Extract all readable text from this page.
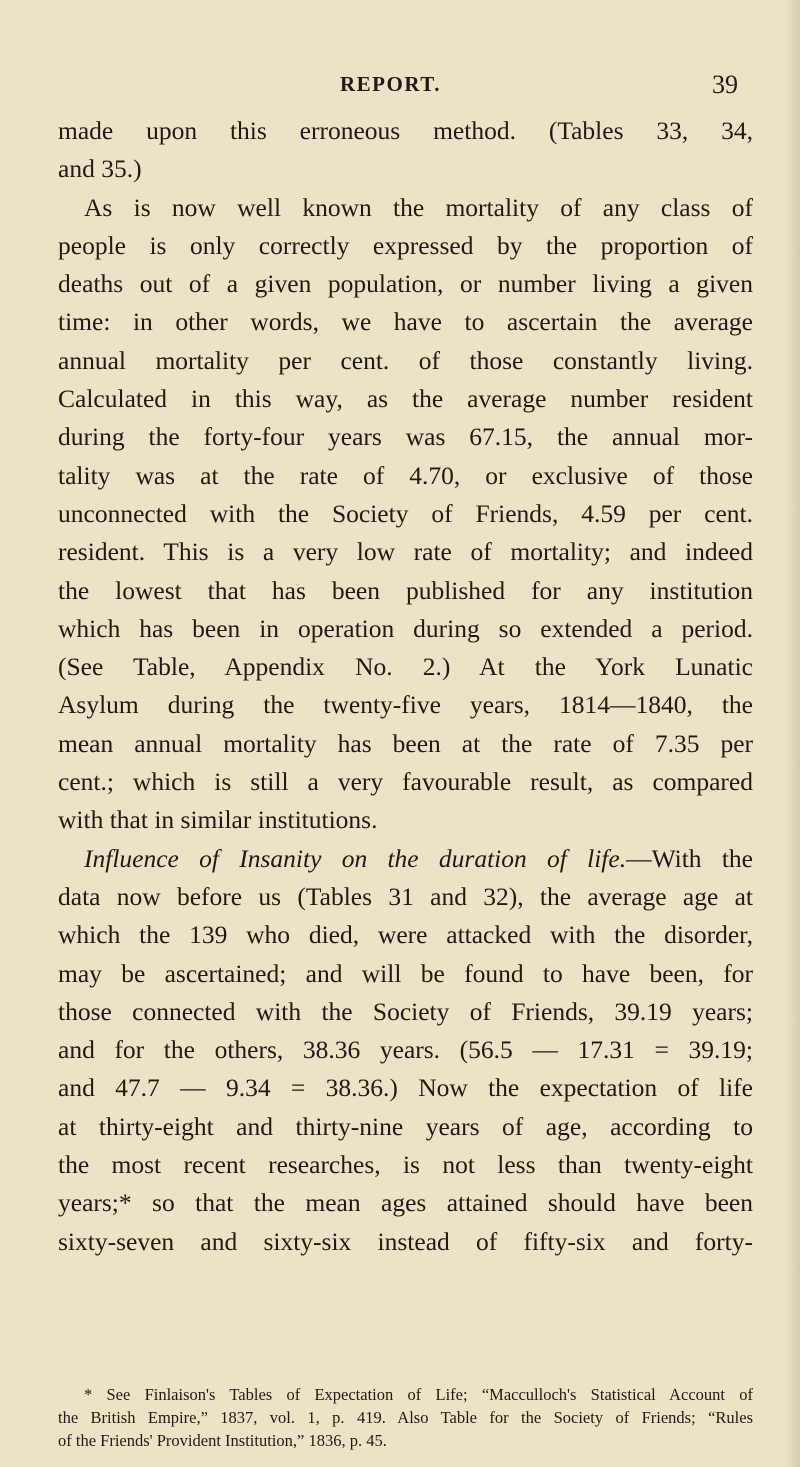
REPORT.	39
made upon this erroneous method. (Tables 33, 34,
and 35.)
As is now well known the mortality of any class of
people is only correctly expressed by the proportion of
deaths out of a given population, or number living a given
time: in other words, we have to ascertain the average
annual mortality per cent. of those constantly living.
Calculated in this way, as the average number resident
during the forty-four years was 67.15, the annual mor-
tality was at the rate of 4.70, or exclusive of those
unconnected with the Society of Friends, 4.59 per cent.
resident. This is a very low rate of mortality; and indeed
the lowest that has been published for any institution
which has been in operation during so extended a period.
(See Table, Appendix No. 2.) At the York Lunatic
Asylum during the twenty-five years, 1814—1840, the
mean annual mortality has been at the rate of 7.35 per
cent.; which is still a very favourable result, as compared
with that in similar institutions.
Influence of Insanity on the duration of life.—With the
data now before us (Tables 31 and 32), the average age at
which the 139 who died, were attacked with the disorder,
may be ascertained; and will be found to have been, for
those connected with the Society of Friends, 39.19 years;
and for the others, 38.36 years. (56.5 — 17.31 = 39.19;
and 47.7 — 9.34 = 38.36.) Now the expectation of life
at thirty-eight and thirty-nine years of age, according to
the most recent researches, is not less than twenty-eight
years;* so that the mean ages attained should have been
sixty-seven and sixty-six instead of fifty-six and forty-
* See Finlaison's Tables of Expectation of Life; “Macculloch's Statistical Account of
the British Empire,” 1837, vol. 1, p. 419. Also Table for the Society of Friends; “Rules
of the Friends' Provident Institution,” 1836, p. 45.
